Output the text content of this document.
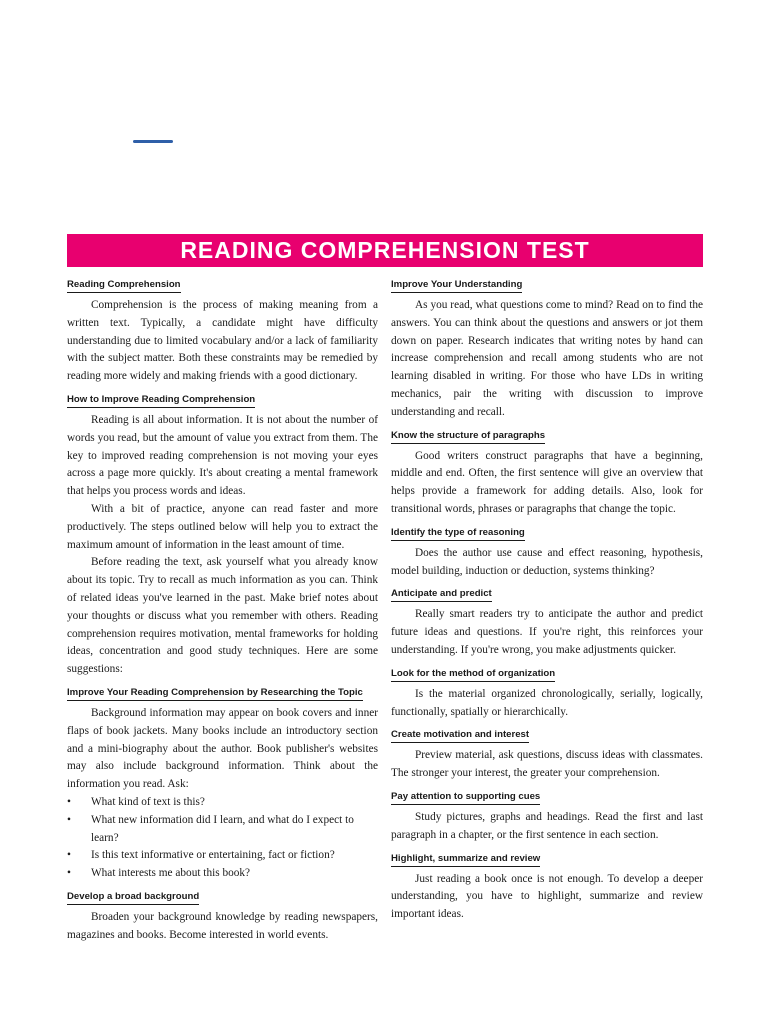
READING COMPREHENSION TEST
Reading Comprehension

Comprehension is the process of making meaning from a written text. Typically, a candidate might have difficulty understanding due to limited vocabulary and/or a lack of familiarity with the subject matter. Both these constraints may be remedied by reading more widely and making friends with a good dictionary.

How to Improve Reading Comprehension

Reading is all about information. It is not about the number of words you read, but the amount of value you extract from them. The key to improved reading comprehension is not moving your eyes across a page more quickly. It's about creating a mental framework that helps you process words and ideas.

With a bit of practice, anyone can read faster and more productively. The steps outlined below will help you to extract the maximum amount of information in the least amount of time.

Before reading the text, ask yourself what you already know about its topic. Try to recall as much information as you can. Think of related ideas you've learned in the past. Make brief notes about your thoughts or discuss what you remember with others. Reading comprehension requires motivation, mental frameworks for holding ideas, concentration and good study techniques. Here are some suggestions:

Improve Your Reading Comprehension by Researching the Topic

Background information may appear on book covers and inner flaps of book jackets. Many books include an introductory section and a mini-biography about the author. Book publisher's websites may also include background information. Think about the information you read. Ask:

• What kind of text is this?
• What new information did I learn, and what do I expect to learn?
• Is this text informative or entertaining, fact or fiction?
• What interests me about this book?
Develop a broad background

Broaden your background knowledge by reading newspapers, magazines and books. Become interested in world events.

Improve Your Understanding

As you read, what questions come to mind? Read on to find the answers. You can think about the questions and answers or jot them down on paper. Research indicates that writing notes by hand can increase comprehension and recall among students who are not learning disabled in writing. For those who have LDs in writing mechanics, pair the writing with discussion to improve understanding and recall.

Know the structure of paragraphs

Good writers construct paragraphs that have a beginning, middle and end. Often, the first sentence will give an overview that helps provide a framework for adding details. Also, look for transitional words, phrases or paragraphs that change the topic.

Identify the type of reasoning

Does the author use cause and effect reasoning, hypothesis, model building, induction or deduction, systems thinking?

Anticipate and predict

Really smart readers try to anticipate the author and predict future ideas and questions. If you're right, this reinforces your understanding. If you're wrong, you make adjustments quicker.

Look for the method of organization

Is the material organized chronologically, serially, logically, functionally, spatially or hierarchically.

Create motivation and interest

Preview material, ask questions, discuss ideas with classmates. The stronger your interest, the greater your comprehension.

Pay attention to supporting cues

Study pictures, graphs and headings. Read the first and last paragraph in a chapter, or the first sentence in each section.

Highlight, summarize and review

Just reading a book once is not enough. To develop a deeper understanding, you have to highlight, summarize and review important ideas.
